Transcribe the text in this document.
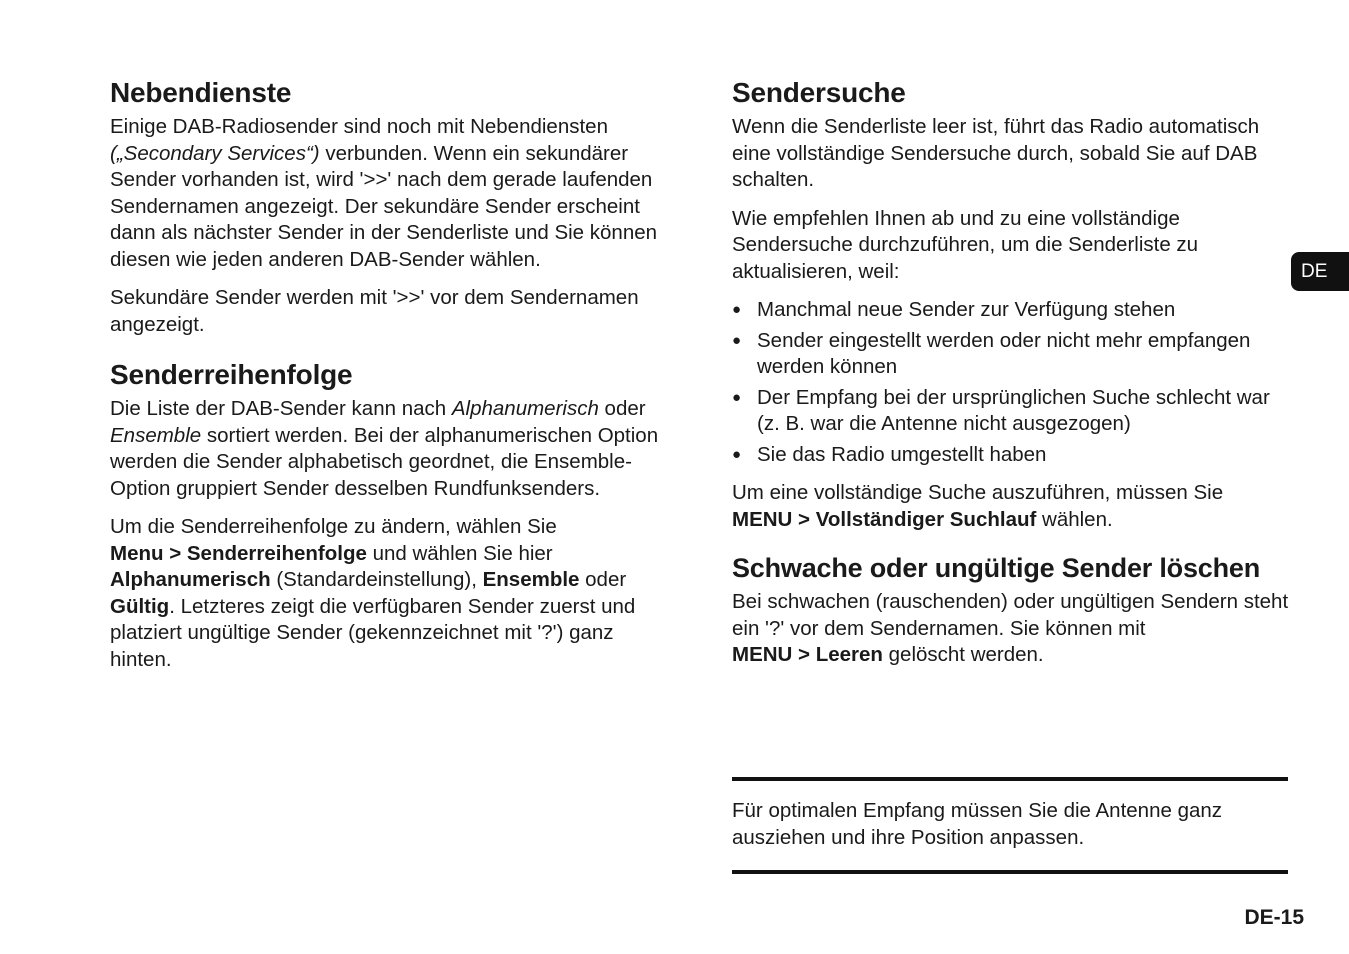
Nebendienste

Einige DAB-Radiosender sind noch mit Nebendiensten
(„Secondary Services“) verbunden. Wenn ein sekundärer Sender vorhanden ist, wird '>>' nach dem gerade laufenden Sendernamen angezeigt. Der sekundäre Sender erscheint dann als nächster Sender in der Senderliste und Sie können diesen wie jeden anderen DAB-Sender wählen.

Sekundäre Sender werden mit '>>' vor dem Sendernamen angezeigt.

Senderreihenfolge

Die Liste der DAB-Sender kann nach Alphanumerisch oder Ensemble sortiert werden. Bei der alphanumerischen Option werden die Sender alphabetisch geordnet, die Ensemble-Option gruppiert Sender desselben Rundfunksenders.

Um die Senderreihenfolge zu ändern, wählen Sie
Menu > Senderreihenfolge und wählen Sie hier
Alphanumerisch (Standardeinstellung), Ensemble oder Gültig. Letzteres zeigt die verfügbaren Sender zuerst und platziert ungültige Sender (gekennzeichnet mit '?') ganz hinten.

Sendersuche

Wenn die Senderliste leer ist, führt das Radio automatisch eine vollständige Sendersuche durch, sobald Sie auf DAB schalten.

Wie empfehlen Ihnen ab und zu eine vollständige Sendersuche durchzuführen, um die Senderliste zu aktualisieren, weil:

● Manchmal neue Sender zur Verfügung stehen
● Sender eingestellt werden oder nicht mehr empfangen werden können
● Der Empfang bei der ursprünglichen Suche schlecht war (z. B. war die Antenne nicht ausgezogen)
● Sie das Radio umgestellt haben

Um eine vollständige Suche auszuführen, müssen Sie
MENU > Vollständiger Suchlauf wählen.

Schwache oder ungültige Sender löschen

Bei schwachen (rauschenden) oder ungültigen Sendern steht ein '?' vor dem Sendernamen. Sie können mit
MENU > Leeren gelöscht werden.

Für optimalen Empfang müssen Sie die Antenne ganz ausziehen und ihre Position anpassen.

DE
DE-15
